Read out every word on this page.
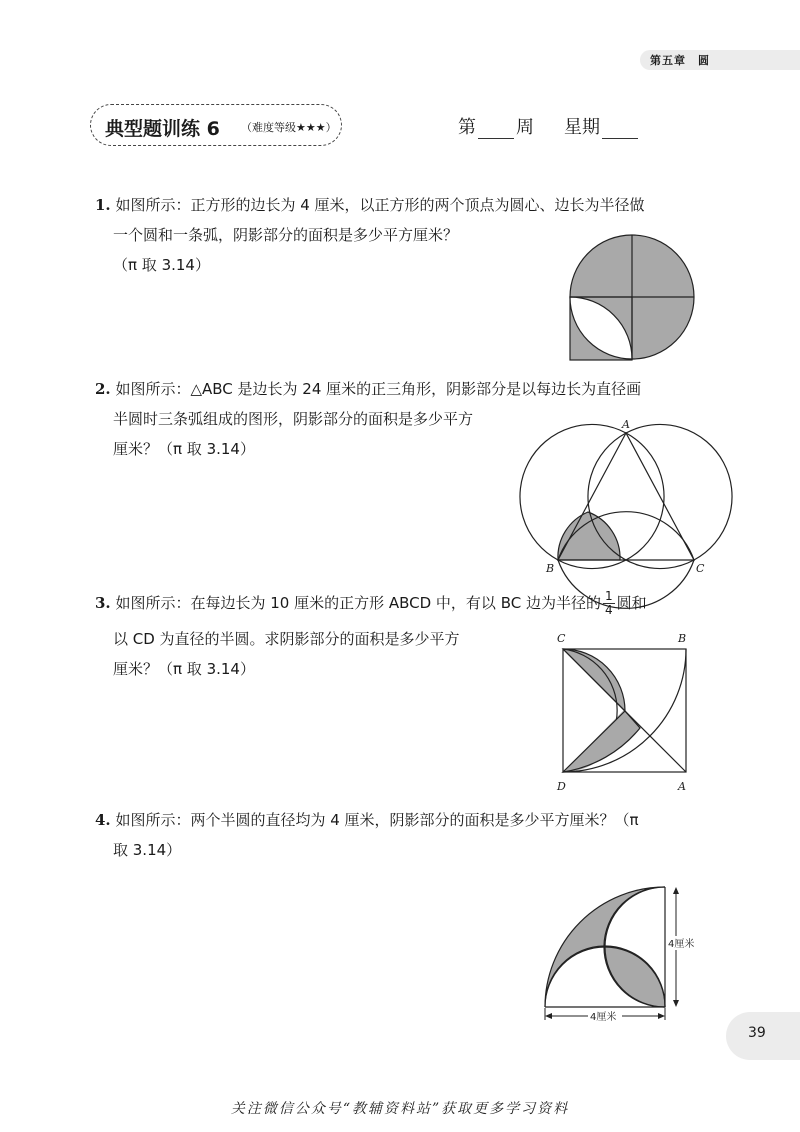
第五章　圆
典型题训练 6 （难度等级★★★）	第 周 星期
1. 如图所示：正方形的边长为 4 厘米，以正方形的两个顶点为圆心、边长为半径做
一个圆和一条弧，阴影部分的面积是多少平方厘米？
（π 取 3.14）
2. 如图所示：△ABC 是边长为 24 厘米的正三角形，阴影部分是以每边长为直径画
半圆时三条弧组成的图形，阴影部分的面积是多少平方
厘米？（π 取 3.14）
A
B	C
3. 如图所示：在每边长为 10 厘米的正方形 ABCD 中，有以 BC 边为半径的 $\frac{1}{4}$ 圆和
以 CD 为直径的半圆。求阴影部分的面积是多少平方
厘米？（π 取 3.14）
C	B
D	A
4. 如图所示：两个半圆的直径均为 4 厘米，阴影部分的面积是多少平方厘米？（π
取 3.14）
4厘米
4厘米
39
关注微信公众号“教辅资料站”获取更多学习资料
